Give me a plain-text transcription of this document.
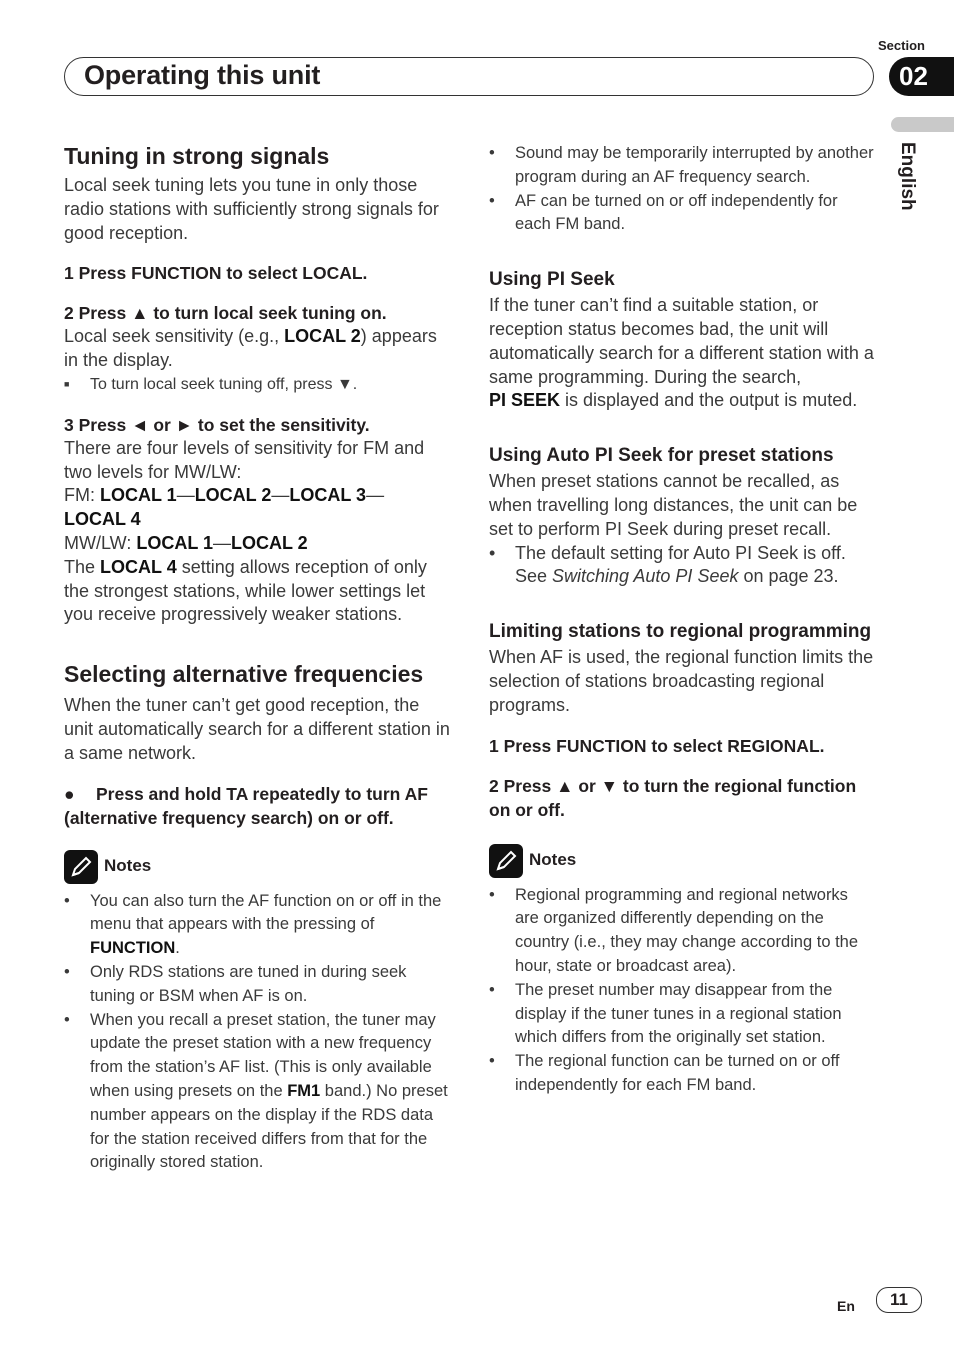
Section
02
Operating this unit
English
Tuning in strong signals
Local seek tuning lets you tune in only those radio stations with sufficiently strong signals for good reception.
1 Press FUNCTION to select LOCAL.
2 Press ▲ to turn local seek tuning on.
Local seek sensitivity (e.g., LOCAL 2) appears in the display.
■ To turn local seek tuning off, press ▼.
3 Press ◄ or ► to set the sensitivity.
There are four levels of sensitivity for FM and two levels for MW/LW:
FM: LOCAL 1—LOCAL 2—LOCAL 3—
LOCAL 4
MW/LW: LOCAL 1—LOCAL 2
The LOCAL 4 setting allows reception of only the strongest stations, while lower settings let you receive progressively weaker stations.
Selecting alternative frequencies
When the tuner can’t get good reception, the unit automatically search for a different station in a same network.
● Press and hold TA repeatedly to turn AF (alternative frequency search) on or off.
Notes
• You can also turn the AF function on or off in the menu that appears with the pressing of FUNCTION.
• Only RDS stations are tuned in during seek tuning or BSM when AF is on.
• When you recall a preset station, the tuner may update the preset station with a new frequency from the station’s AF list. (This is only available when using presets on the FM1 band.) No preset number appears on the display if the RDS data for the station received differs from that for the originally stored station.
• Sound may be temporarily interrupted by another program during an AF frequency search.
• AF can be turned on or off independently for each FM band.
Using PI Seek
If the tuner can’t find a suitable station, or reception status becomes bad, the unit will automatically search for a different station with a same programming. During the search,
PI SEEK is displayed and the output is muted.
Using Auto PI Seek for preset stations
When preset stations cannot be recalled, as when travelling long distances, the unit can be set to perform PI Seek during preset recall.
• The default setting for Auto PI Seek is off. See Switching Auto PI Seek on page 23.
Limiting stations to regional programming
When AF is used, the regional function limits the selection of stations broadcasting regional programs.
1 Press FUNCTION to select REGIONAL.
2 Press ▲ or ▼ to turn the regional function on or off.
Notes
• Regional programming and regional networks are organized differently depending on the country (i.e., they may change according to the hour, state or broadcast area).
• The preset number may disappear from the display if the tuner tunes in a regional station which differs from the originally set station.
• The regional function can be turned on or off independently for each FM band.
En	11
